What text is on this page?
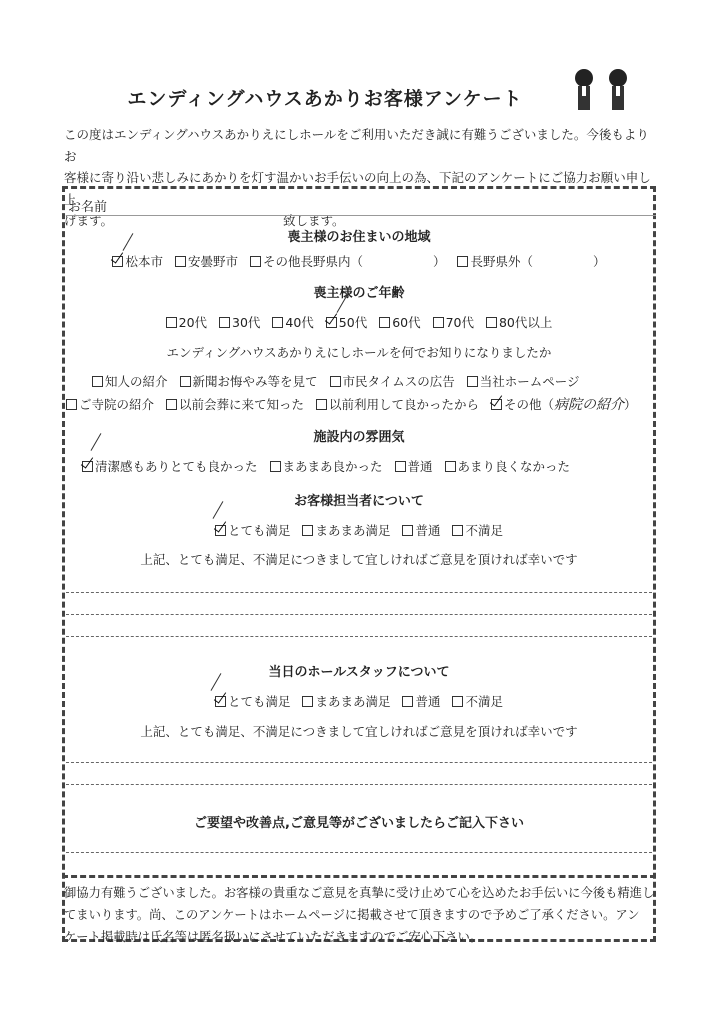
エンディングハウスあかりお客様アンケート
この度はエンディングハウスあかりえにしホールをご利用いただき誠に有難うございました。今後もよりお
客様に寄り沿い悲しみにあかりを灯す温かいお手伝いの向上の為、下記のアンケートにご協力お願い申し上
げます。	致します。
お名前
喪主様のお住まいの地域
松本市 安曇野市 その他長野県内（	） 長野県外（	）
喪主様のご年齢
20代 30代 40代 50代 60代 70代 80代以上
エンディングハウスあかりえにしホールを何でお知りになりましたか
知人の紹介 新聞お悔やみ等を見て 市民タイムスの広告 当社ホームページ
ご寺院の紹介 以前会葬に来て知った 以前利用して良かったから その他（病院の紹介）
施設内の雰囲気
清潔感もありとても良かった まあまあ良かった 普通 あまり良くなかった
お客様担当者について
とても満足 まあまあ満足 普通 不満足
上記、とても満足、不満足につきまして宜しければご意見を頂ければ幸いです
当日のホールスタッフについて
とても満足 まあまあ満足 普通 不満足
上記、とても満足、不満足につきまして宜しければご意見を頂ければ幸いです
ご要望や改善点,ご意見等がございましたらご記入下さい
御協力有難うございました。お客様の貴重なご意見を真摯に受け止めて心を込めたお手伝いに今後も精進し
てまいります。尚、このアンケートはホームページに掲載させて頂きますので予めご了承ください。アン
ケート掲載時は氏名等は匿名扱いにさせていただきますのでご安心下さい。
